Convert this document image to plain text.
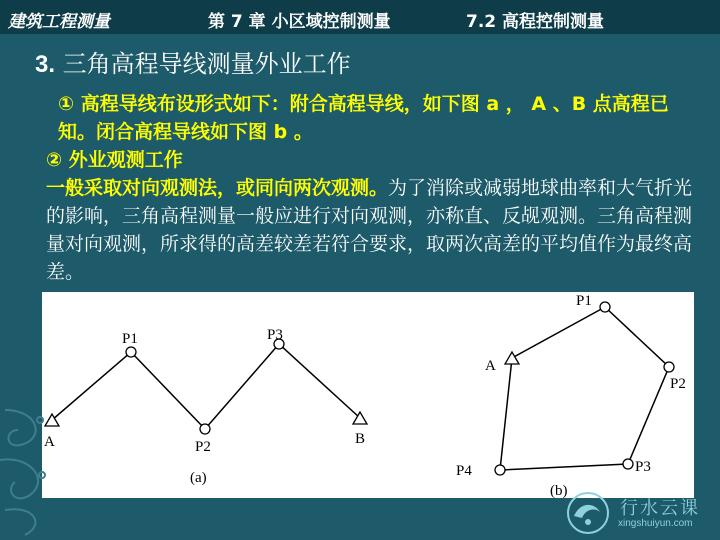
建筑工程测量	第 7 章 小区域控制测量	7.2 高程控制测量
3. 三角高程导线测量外业工作

① 高程导线布设形式如下：附合高程导线，如下图 a ， A 、B 点高程已知。闭合高程导线如下图 b 。

② 外业观测工作

一般采取对向观测法，或同向两次观测。为了消除或减弱地球曲率和大气折光的影响，三角高程测量一般应进行对向观测，亦称直、反觇观测。三角高程测量对向观测，所求得的高差较差若符合要求，取两次高差的平均值作为最终高差。

A
P1
P2
P3
B
(a)
P1
A
P2
P4	P3
(b)
行水云课
xingshuiyun.com
